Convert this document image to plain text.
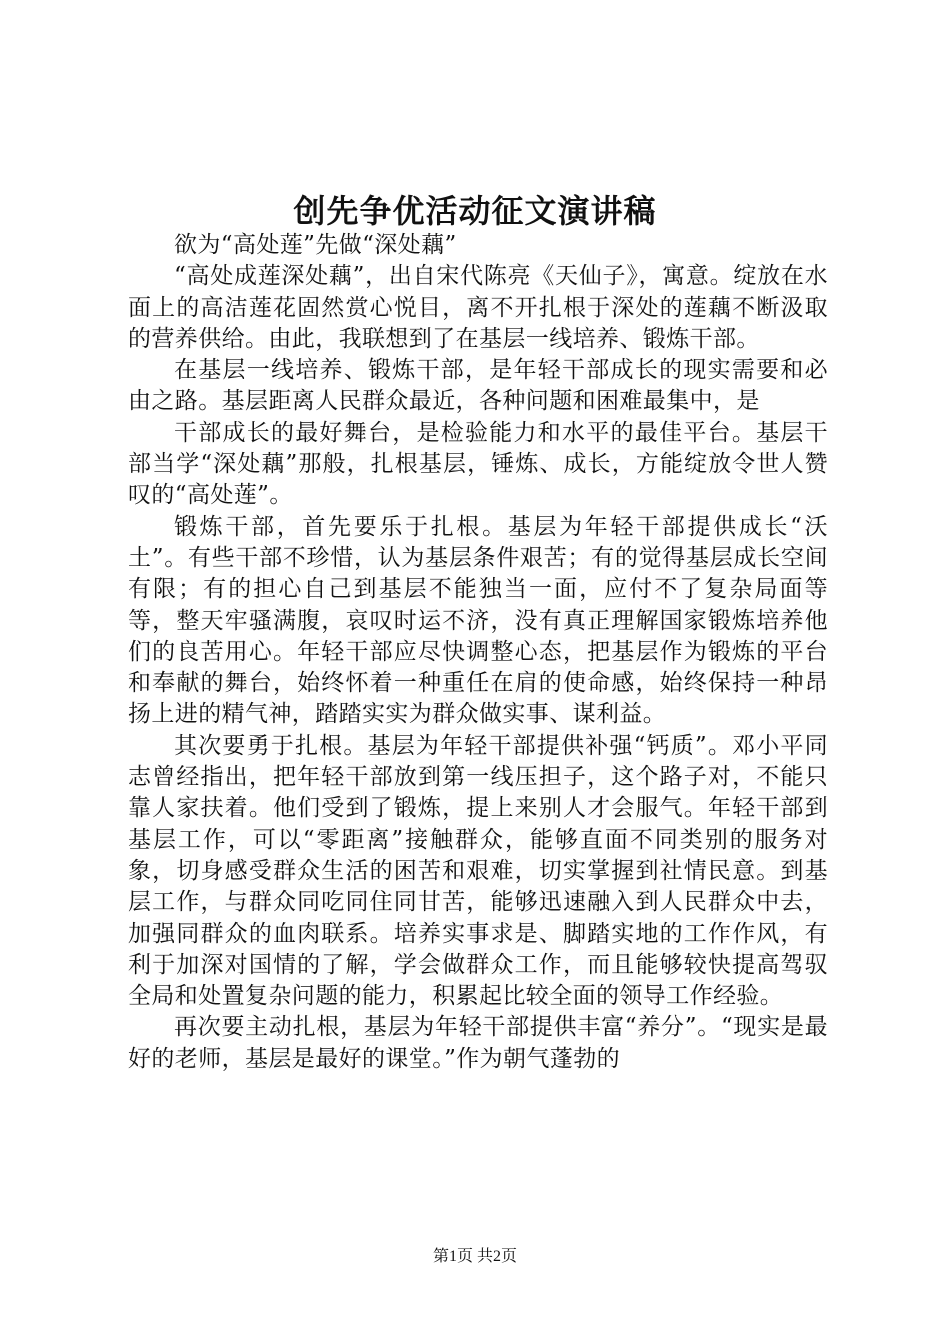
创先争优活动征文演讲稿

欲为“高处莲”先做“深处藕”

“高处成莲深处藕”，出自宋代陈亮《天仙子》，寓意。绽放在水面上的高洁莲花固然赏心悦目，离不开扎根于深处的莲藕不断汲取的营养供给。由此，我联想到了在基层一线培养、锻炼干部。

在基层一线培养、锻炼干部，是年轻干部成长的现实需要和必由之路。基层距离人民群众最近，各种问题和困难最集中，是

干部成长的最好舞台，是检验能力和水平的最佳平台。基层干部当学“深处藕”那般，扎根基层，锤炼、成长，方能绽放令世人赞叹的“高处莲”。

锻炼干部，首先要乐于扎根。基层为年轻干部提供成长“沃土”。有些干部不珍惜，认为基层条件艰苦；有的觉得基层成长空间有限；有的担心自己到基层不能独当一面，应付不了复杂局面等等，整天牢骚满腹，哀叹时运不济，没有真正理解国家锻炼培养他们的良苦用心。年轻干部应尽快调整心态，把基层作为锻炼的平台和奉献的舞台，始终怀着一种重任在肩的使命感，始终保持一种昂扬上进的精气神，踏踏实实为群众做实事、谋利益。

其次要勇于扎根。基层为年轻干部提供补强“钙质”。邓小平同志曾经指出，把年轻干部放到第一线压担子，这个路子对，不能只靠人家扶着。他们受到了锻炼，提上来别人才会服气。年轻干部到基层工作，可以“零距离”接触群众，能够直面不同类别的服务对象，切身感受群众生活的困苦和艰难，切实掌握到社情民意。到基层工作，与群众同吃同住同甘苦，能够迅速融入到人民群众中去，加强同群众的血肉联系。培养实事求是、脚踏实地的工作作风，有利于加深对国情的了解，学会做群众工作，而且能够较快提高驾驭全局和处置复杂问题的能力，积累起比较全面的领导工作经验。

再次要主动扎根，基层为年轻干部提供丰富“养分”。“现实是最好的老师，基层是最好的课堂。”作为朝气蓬勃的

第1页 共2页
